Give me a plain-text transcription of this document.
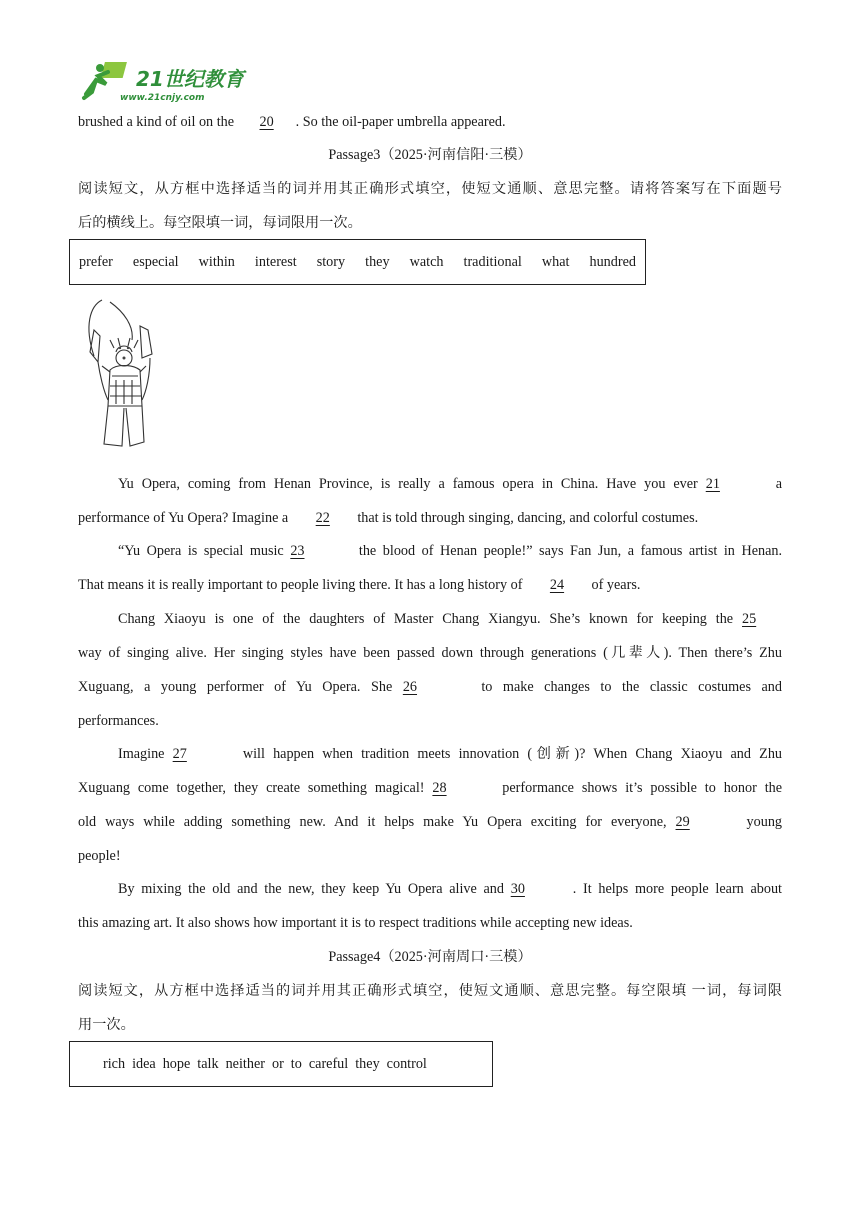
21世纪教育
www.21cnjy.com
brushed a kind of oil on the 20 . So the oil-paper umbrella appeared.
Passage3（2025·河南信阳·三模）
阅读短文，从方框中选择适当的词并用其正确形式填空，使短文通顺、意思完整。请将答案写在下面题号
后的横线上。每空限填一词，每词限用一次。
prefer especial within interest story they watch traditional what hundred
Yu Opera, coming from Henan Province, is really a famous opera in China. Have you ever 21	a
performance of Yu Opera? Imagine a 22 that is told through singing, dancing, and colorful costumes.
“Yu Opera is special music 23	the blood of Henan people!” says Fan Jun, a famous artist in Henan.
That means it is really important to people living there. It has a long history of 24 of years.
Chang Xiaoyu is one of the daughters of Master Chang Xiangyu. She’s known for keeping the 25
way of singing alive. Her singing styles have been passed down through generations (几辈人). Then there’s Zhu
Xuguang, a young performer of Yu Opera. She 26	to make changes to the classic costumes and
performances.
Imagine 27	will happen when tradition meets innovation (创新)? When Chang Xiaoyu and Zhu
Xuguang come together, they create something magical! 28	performance shows it’s possible to honor the
old ways while adding something new. And it helps make Yu Opera exciting for everyone, 29	young
people!
By mixing the old and the new, they keep Yu Opera alive and 30	. It helps more people learn about
this amazing art. It also shows how important it is to respect traditions while accepting new ideas.
Passage4（2025·河南周口·三模）
阅读短文，从方框中选择适当的词并用其正确形式填空，使短文通顺、意思完整。每空限填 一词，每词限
用一次。
rich idea hope talk neither or to careful they control
